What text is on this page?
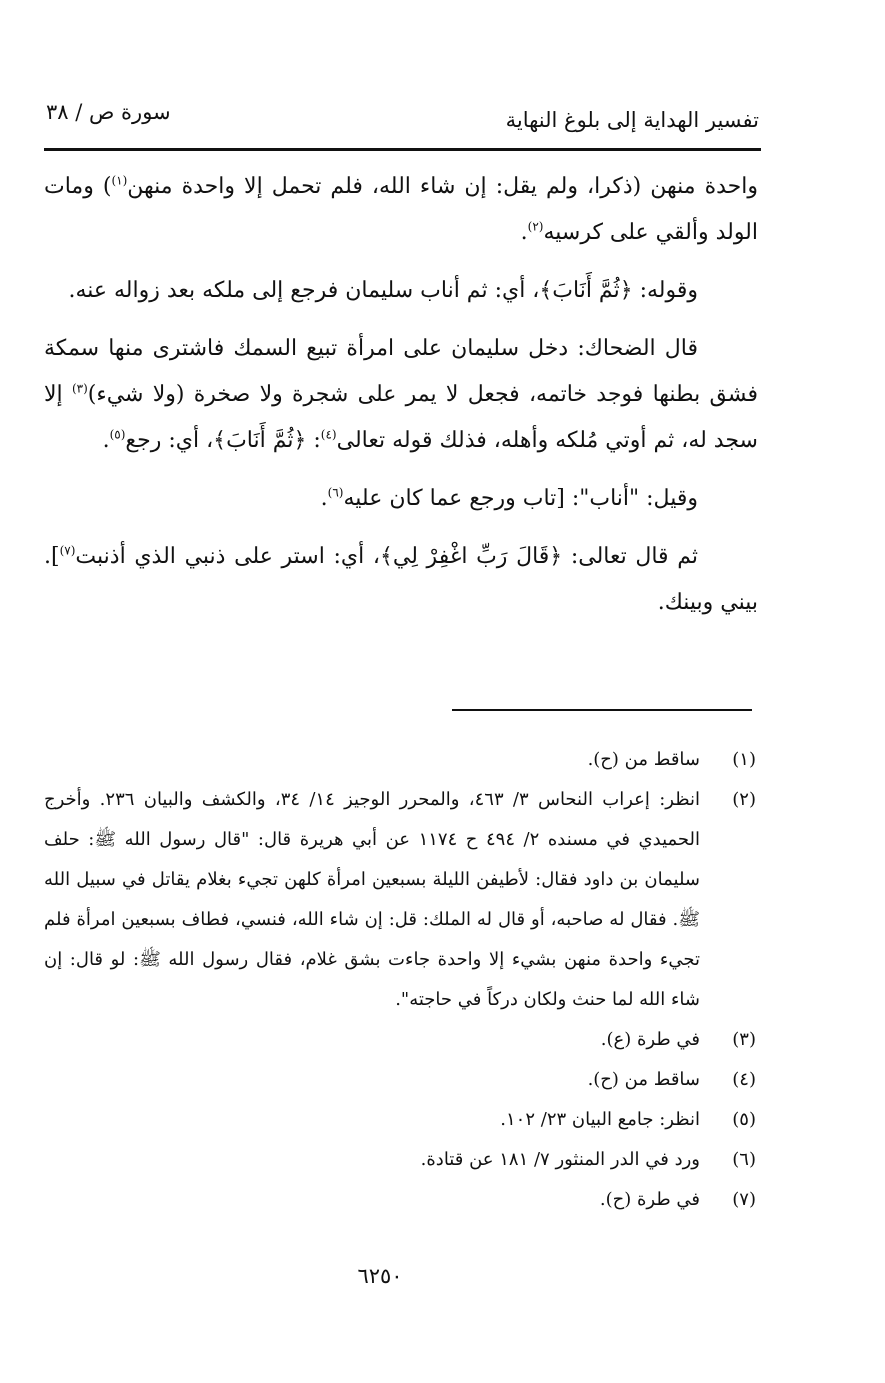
تفسير الهداية إلى بلوغ النهاية
سورة ص / ٣٨

واحدة منهن (ذكرا، ولم يقل: إن شاء الله، فلم تحمل إلا واحدة منهن$^{(١)}$) ومات الولد وألقي على كرسيه$^{(٢)}$.

وقوله: ﴿ثُمَّ أَنَابَ﴾، أي: ثم أناب سليمان فرجع إلى ملكه بعد زواله عنه.

قال الضحاك: دخل سليمان على امرأة تبيع السمك فاشترى منها سمكة فشق بطنها فوجد خاتمه، فجعل لا يمر على شجرة ولا صخرة (ولا شيء)$^{(٣)}$ إلا سجد له، ثم أوتي مُلكه وأهله، فذلك قوله تعالى$^{(٤)}$: ﴿ثُمَّ أَنَابَ﴾، أي: رجع$^{(٥)}$.

وقيل: "أناب": [تاب ورجع عما كان عليه$^{(٦)}$.

ثم قال تعالى: ﴿قَالَ رَبِّ اغْفِرْ لِي﴾، أي: استر على ذنبي الذي أذنبت$^{(٧)}$]. بيني وبينك.

(١)
ساقط من (ح).
(٢)
انظر: إعراب النحاس ٣/ ٤٦٣، والمحرر الوجيز ١٤/ ٣٤، والكشف والبيان ٢٣٦. وأخرج الحميدي في مسنده ٢/ ٤٩٤ ح ١١٧٤ عن أبي هريرة قال: "قال رسول الله ﷺ: حلف سليمان بن داود فقال: لأطيفن الليلة بسبعين امرأة كلهن تجيء بغلام يقاتل في سبيل الله ﷺ. فقال له صاحبه، أو قال له الملك: قل: إن شاء الله، فنسي، فطاف بسبعين امرأة فلم تجيء واحدة منهن بشيء إلا واحدة جاءت بشق غلام، فقال رسول الله ﷺ: لو قال: إن شاء الله لما حنث ولكان دركاً في حاجته".
(٣)
في طرة (ع).
(٤)
ساقط من (ح).
(٥)
انظر: جامع البيان ٢٣/ ١٠٢.
(٦)
ورد في الدر المنثور ٧/ ١٨١ عن قتادة.
(٧)
في طرة (ح).
٦٢٥٠
